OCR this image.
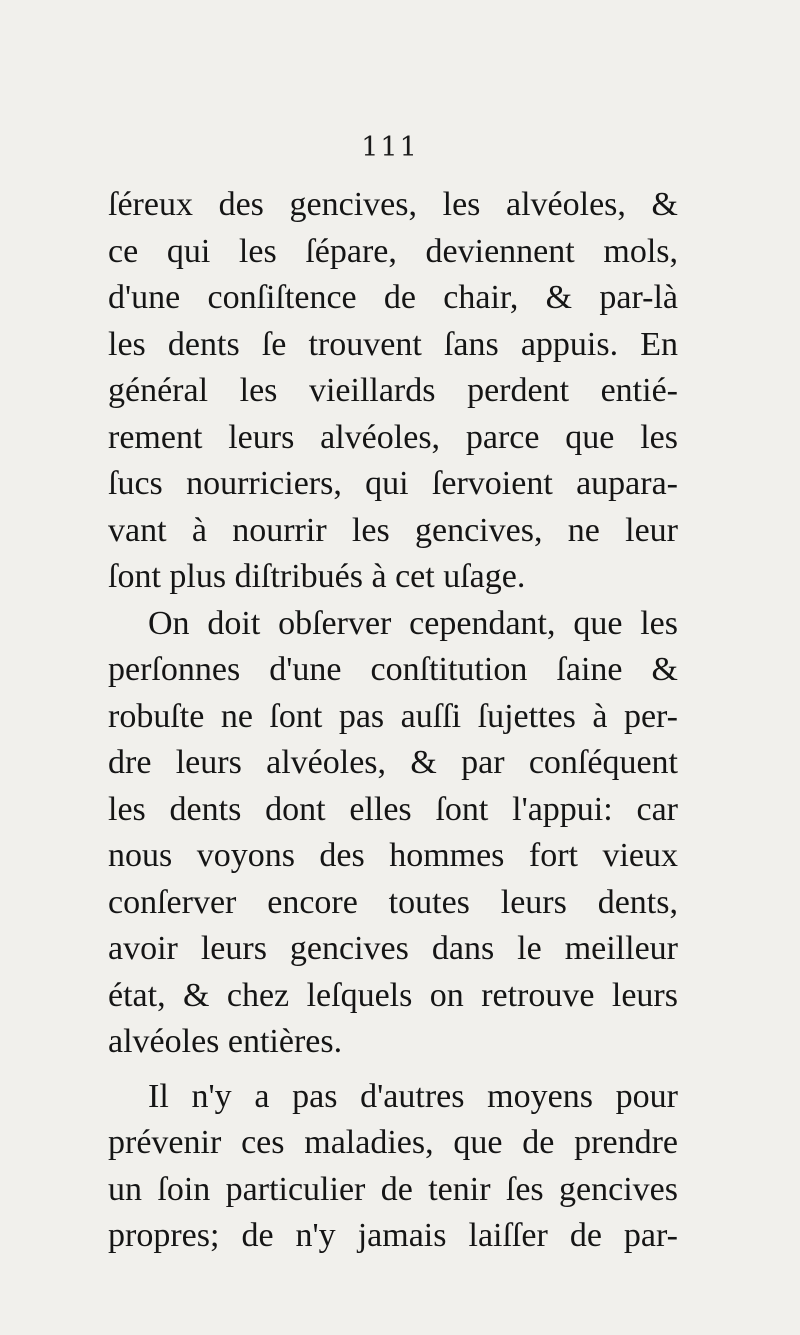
111
ſéreux des gencives, les alvéoles, &
ce qui les ſépare, deviennent mols,
d'une conſiſtence de chair, & par-là
les dents ſe trouvent ſans appuis. En
général les vieillards perdent entié-
rement leurs alvéoles, parce que les
ſucs nourriciers, qui ſervoient aupara-
vant à nourrir les gencives, ne leur
ſont plus diſtribués à cet uſage.
On doit obſerver cependant, que les
perſonnes d'une conſtitution ſaine &
robuſte ne ſont pas auſſi ſujettes à per-
dre leurs alvéoles, & par conſéquent
les dents dont elles ſont l'appui: car
nous voyons des hommes fort vieux
conſerver encore toutes leurs dents,
avoir leurs gencives dans le meilleur
état, & chez leſquels on retrouve leurs
alvéoles entières.
Il n'y a pas d'autres moyens pour
prévenir ces maladies, que de prendre
un ſoin particulier de tenir ſes gencives
propres; de n'y jamais laiſſer de par-
